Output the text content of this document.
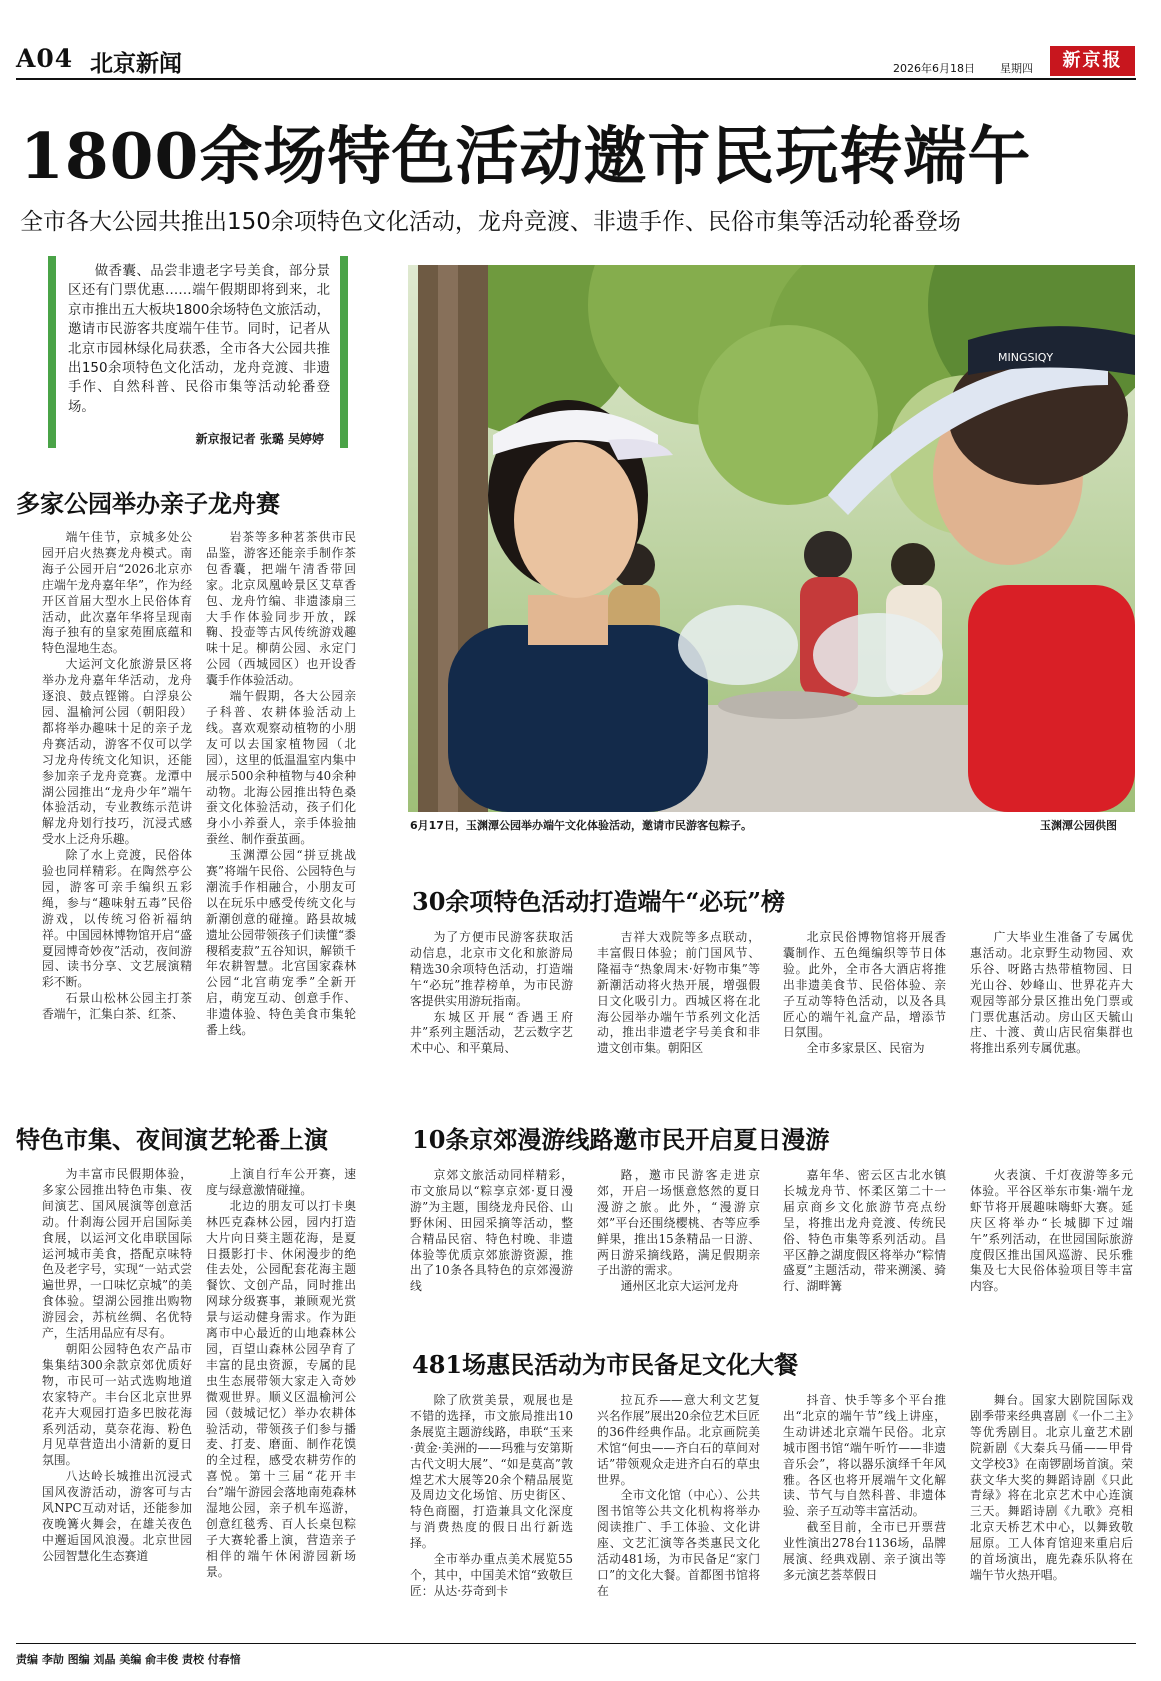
A04 北京新闻	2026年6月18日 星期四	新京报
1800余场特色活动邀市民玩转端午
全市各大公园共推出150余项特色文化活动，龙舟竞渡、非遗手作、民俗市集等活动轮番登场
做香囊、品尝非遗老字号美食，部分景区还有门票优惠……端午假期即将到来，北京市推出五大板块1800余场特色文旅活动，邀请市民游客共度端午佳节。同时，记者从北京市园林绿化局获悉，全市各大公园共推出150余项特色文化活动，龙舟竞渡、非遗手作、自然科普、民俗市集等活动轮番登场。
新京报记者 张璐 吴婷婷
MINGSIQY
6月17日，玉渊潭公园举办端午文化体验活动，邀请市民游客包粽子。	玉渊潭公园供图
多家公园举办亲子龙舟赛

端午佳节，京城多处公园开启火热赛龙舟模式。南海子公园开启“2026北京亦庄端午龙舟嘉年华”，作为经开区首届大型水上民俗体育活动，此次嘉年华将呈现南海子独有的皇家苑囿底蕴和特色湿地生态。

大运河文化旅游景区将举办龙舟嘉年华活动，龙舟逐浪、鼓点铿锵。白浮泉公园、温榆河公园（朝阳段）都将举办趣味十足的亲子龙舟赛活动，游客不仅可以学习龙舟传统文化知识，还能参加亲子龙舟竞赛。龙潭中湖公园推出“龙舟少年”端午体验活动，专业教练示范讲解龙舟划行技巧，沉浸式感受水上泛舟乐趣。

除了水上竞渡，民俗体验也同样精彩。在陶然亭公园，游客可亲手编织五彩绳，参与“趣味射五毒”民俗游戏，以传统习俗祈福纳祥。中国园林博物馆开启“盛夏园博奇妙夜”活动，夜间游园、读书分享、文艺展演精彩不断。

石景山松林公园主打茶香端午，汇集白茶、红茶、

岩茶等多种茗茶供市民品鉴，游客还能亲手制作茶包香囊，把端午清香带回家。北京凤凰岭景区艾草香包、龙舟竹编、非遗漆扇三大手作体验同步开放，踩鞠、投壶等古风传统游戏趣味十足。柳荫公园、永定门公园（西城园区）也开设香囊手作体验活动。

端午假期，各大公园亲子科普、农耕体验活动上线。喜欢观察动植物的小朋友可以去国家植物园（北园），这里的低温温室内集中展示500余种植物与40余种动物。北海公园推出特色桑蚕文化体验活动，孩子们化身小小养蚕人，亲手体验抽蚕丝、制作蚕茧画。

玉渊潭公园“拼豆挑战赛”将端午民俗、公园特色与潮流手作相融合，小朋友可以在玩乐中感受传统文化与新潮创意的碰撞。路县故城遗址公园带领孩子们读懂“黍稷稻麦菽”五谷知识，解锁千年农耕智慧。北宫国家森林公园“北宫萌宠季”全新开启，萌宠互动、创意手作、非遗体验、特色美食市集轮番上线。

30余项特色活动打造端午“必玩”榜

为了方便市民游客获取活动信息，北京市文化和旅游局精选30余项特色活动，打造端午“必玩”推荐榜单，为市民游客提供实用游玩指南。

东城区开展“香遇王府井”系列主题活动，艺云数字艺术中心、和平菓局、

吉祥大戏院等多点联动，丰富假日体验；前门国风节、隆福寺“热象周末·好物市集”等新潮活动将火热开展，增强假日文化吸引力。西城区将在北海公园举办端午节系列文化活动，推出非遗老字号美食和非遗文创市集。朝阳区

北京民俗博物馆将开展香囊制作、五色绳编织等节日体验。此外，全市各大酒店将推出非遗美食节、民俗体验、亲子互动等特色活动，以及各具匠心的端午礼盒产品，增添节日氛围。

全市多家景区、民宿为

广大毕业生准备了专属优惠活动。北京野生动物园、欢乐谷、呀路古热带植物园、日光山谷、妙峰山、世界花卉大观园等部分景区推出免门票或门票优惠活动。房山区天毓山庄、十渡、黄山店民宿集群也将推出系列专属优惠。

特色市集、夜间演艺轮番上演

为丰富市民假期体验，多家公园推出特色市集、夜间演艺、国风展演等创意活动。什刹海公园开启国际美食展，以运河文化串联国际运河城市美食，搭配京味特色及老字号，实现“一站式尝遍世界，一口味忆京城”的美食体验。望湖公园推出购物游园会，苏杭丝绸、名优特产，生活用品应有尽有。

朝阳公园特色农产品市集集结300余款京郊优质好物，市民可一站式选购地道农家特产。丰台区北京世界花卉大观园打造多巴胺花海系列活动，莫奈花海、粉色月见草营造出小清新的夏日氛围。

八达岭长城推出沉浸式国风夜游活动，游客可与古风NPC互动对话，还能参加夜晚篝火舞会，在雄关夜色中邂逅国风浪漫。北京世园公园智慧化生态赛道

上演自行车公开赛，速度与绿意激情碰撞。

北边的朋友可以打卡奥林匹克森林公园，园内打造大片向日葵主题花海，是夏日摄影打卡、休闲漫步的绝佳去处，公园配套花海主题餐饮、文创产品，同时推出网球分级赛事，兼顾观光赏景与运动健身需求。作为距离市中心最近的山地森林公园，百望山森林公园孕育了丰富的昆虫资源，专属的昆虫生态展带领大家走入奇妙微观世界。顺义区温榆河公园（鼓城记忆）举办农耕体验活动，带领孩子们参与播麦、打麦、磨面、制作花馍的全过程，感受农耕劳作的喜悦。第十三届“花开丰台”端午游园会落地南苑森林湿地公园，亲子机车巡游，创意红毯秀、百人长桌包粽子大赛轮番上演，营造亲子相伴的端午休闲游园新场景。

10条京郊漫游线路邀市民开启夏日漫游

京郊文旅活动同样精彩，市文旅局以“粽享京郊·夏日漫游”为主题，围绕龙舟民俗、山野休闲、田园采摘等活动，整合精品民宿、特色村晚、非遗体验等优质京郊旅游资源，推出了10条各具特色的京郊漫游线

路，邀市民游客走进京郊，开启一场惬意悠然的夏日漫游之旅。此外，“漫游京郊”平台还围绕樱桃、杏等应季鲜果，推出15条精品一日游、两日游采摘线路，满足假期亲子出游的需求。

通州区北京大运河龙舟

嘉年华、密云区古北水镇长城龙舟节、怀柔区第二十一届京商乡文化旅游节亮点纷呈，将推出龙舟竞渡、传统民俗、特色市集等系列活动。昌平区静之湖度假区将举办“粽情盛夏”主题活动，带来溯溪、骑行、湖畔篝

火表演、千灯夜游等多元体验。平谷区举东市集·端午龙虾节将开展趣味嗨虾大赛。延庆区将举办“长城脚下过端午”系列活动，在世园国际旅游度假区推出国风巡游、民乐雅集及七大民俗体验项目等丰富内容。

481场惠民活动为市民备足文化大餐

除了欣赏美景，观展也是不错的选择，市文旅局推出10条展览主题游线路，串联“玉来·黄金·美洲的——玛雅与安第斯古代文明大展”、“如是莫高”敦煌艺术大展等20余个精品展览及周边文化场馆、历史街区、特色商圈，打造兼具文化深度与消费热度的假日出行新选择。

全市举办重点美术展览55个，其中，中国美术馆“致敬巨匠：从达·芬奇到卡

拉瓦乔——意大利文艺复兴名作展”展出20余位艺术巨匠的36件经典作品。北京画院美术馆“何虫——齐白石的草间对话”带领观众走进齐白石的草虫世界。

全市文化馆（中心）、公共图书馆等公共文化机构将举办阅读推广、手工体验、文化讲座、文艺汇演等各类惠民文化活动481场，为市民备足“家门口”的文化大餐。首都图书馆将在

抖音、快手等多个平台推出“北京的端午节”线上讲座，生动讲述北京端午民俗。北京城市图书馆“端午听竹——非遗音乐会”，将以器乐演绎千年风雅。各区也将开展端午文化解读、节气与自然科普、非遗体验、亲子互动等丰富活动。

截至目前，全市已开票营业性演出278台1136场，品牌展演、经典戏剧、亲子演出等多元演艺荟萃假日

舞台。国家大剧院国际戏剧季带来经典喜剧《一仆二主》等优秀剧目。北京儿童艺术剧院新剧《大秦兵马俑——甲骨文学校3》在南锣剧场首演。荣获文华大奖的舞蹈诗剧《只此青绿》将在北京艺术中心连演三天。舞蹈诗剧《九歌》亮相北京天桥艺术中心，以舞致敬屈原。工人体育馆迎来重启后的首场演出，鹿先森乐队将在端午节火热开唱。

责编 李劼 图编 刘晶 美编 俞丰俊 责校 付春愔
